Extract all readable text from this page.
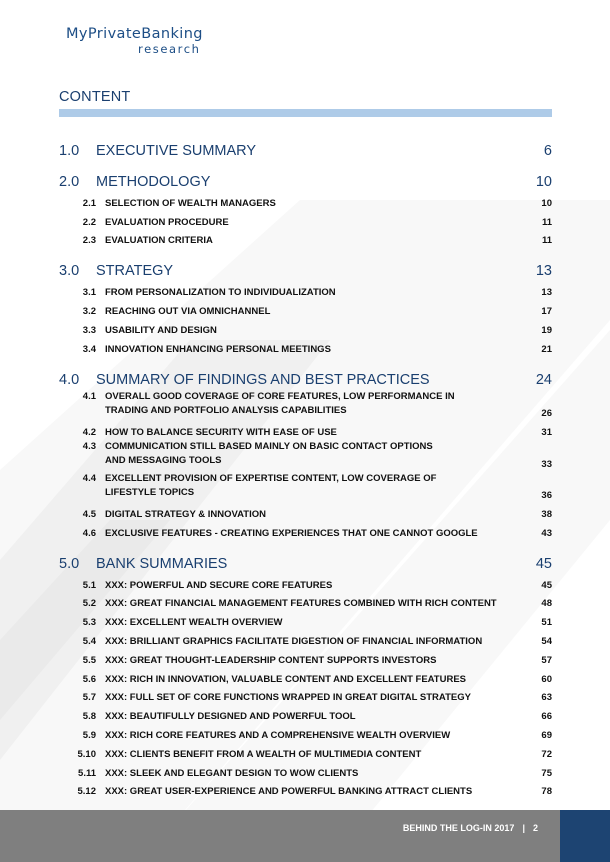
MyPrivateBanking
research
CONTENT
1.0	EXECUTIVE SUMMARY	6
2.0	METHODOLOGY	10
2.1 SELECTION OF WEALTH MANAGERS	10
2.2 EVALUATION PROCEDURE	11
2.3 EVALUATION CRITERIA	11
3.0	STRATEGY	13
3.1 FROM PERSONALIZATION TO INDIVIDUALIZATION	13
3.2 REACHING OUT VIA OMNICHANNEL	17
3.3 USABILITY AND DESIGN	19
3.4 INNOVATION ENHANCING PERSONAL MEETINGS	21
4.0	SUMMARY OF FINDINGS AND BEST PRACTICES	24
4.1 OVERALL GOOD COVERAGE OF CORE FEATURES, LOW PERFORMANCE IN
TRADING AND PORTFOLIO ANALYSIS CAPABILITIES	26
4.2 HOW TO BALANCE SECURITY WITH EASE OF USE	31
4.3 COMMUNICATION STILL BASED MAINLY ON BASIC CONTACT OPTIONS
AND MESSAGING TOOLS	33
4.4 EXCELLENT PROVISION OF EXPERTISE CONTENT, LOW COVERAGE OF
LIFESTYLE TOPICS	36
4.5 DIGITAL STRATEGY & INNOVATION	38
4.6 EXCLUSIVE FEATURES - CREATING EXPERIENCES THAT ONE CANNOT GOOGLE	43
5.0	BANK SUMMARIES	45
5.1 XXX: POWERFUL AND SECURE CORE FEATURES	45
5.2 XXX: GREAT FINANCIAL MANAGEMENT FEATURES COMBINED WITH RICH CONTENT	48
5.3 XXX: EXCELLENT WEALTH OVERVIEW	51
5.4 XXX: BRILLIANT GRAPHICS FACILITATE DIGESTION OF FINANCIAL INFORMATION	54
5.5 XXX: GREAT THOUGHT-LEADERSHIP CONTENT SUPPORTS INVESTORS	57
5.6 XXX: RICH IN INNOVATION, VALUABLE CONTENT AND EXCELLENT FEATURES	60
5.7 XXX: FULL SET OF CORE FUNCTIONS WRAPPED IN GREAT DIGITAL STRATEGY	63
5.8 XXX: BEAUTIFULLY DESIGNED AND POWERFUL TOOL	66
5.9 XXX: RICH CORE FEATURES AND A COMPREHENSIVE WEALTH OVERVIEW	69
5.10 XXX: CLIENTS BENEFIT FROM A WEALTH OF MULTIMEDIA CONTENT	72
5.11 XXX: SLEEK AND ELEGANT DESIGN TO WOW CLIENTS	75
5.12 XXX: GREAT USER-EXPERIENCE AND POWERFUL BANKING ATTRACT CLIENTS	78
BEHIND THE LOG-IN 2017 | 2
